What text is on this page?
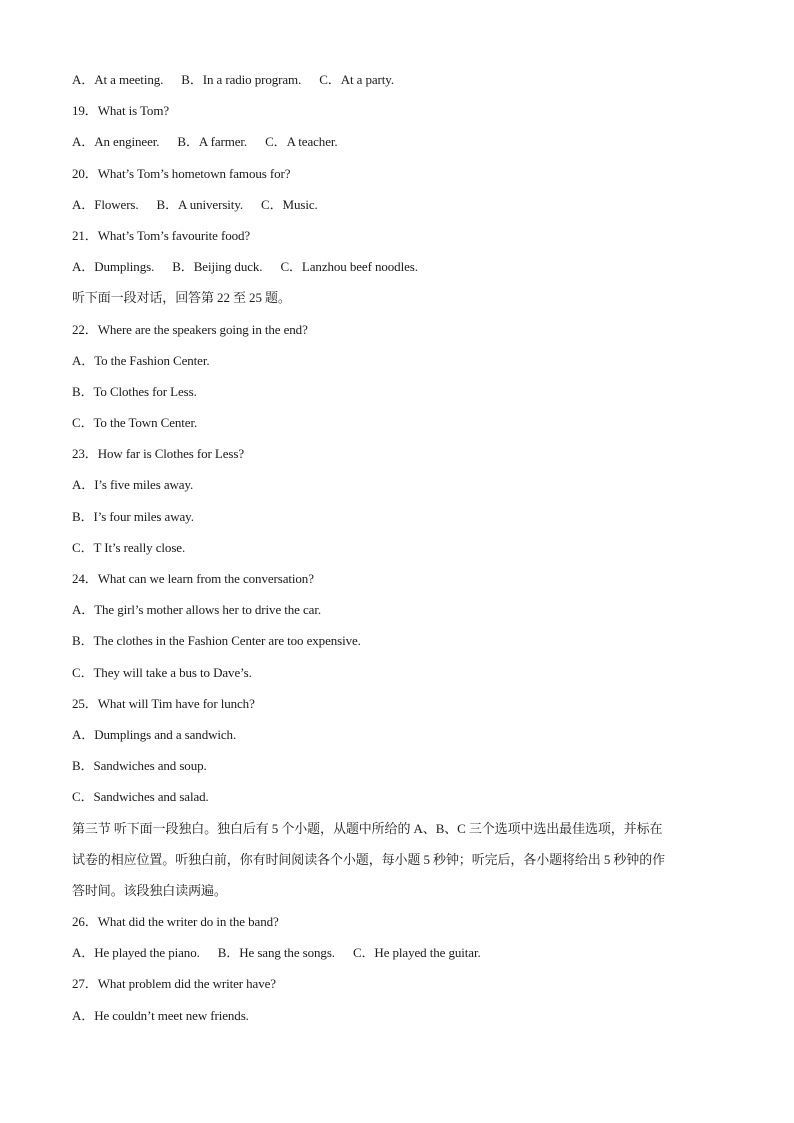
A．At a meeting. B．In a radio program. C．At a party.
19．What is Tom?
A．An engineer. B．A farmer. C．A teacher.
20．What’s Tom’s hometown famous for?
A．Flowers. B．A university. C．Music.
21．What’s Tom’s favourite food?
A．Dumplings. B．Beijing duck. C．Lanzhou beef noodles.
听下面一段对话，回答第 22 至 25 题。
22．Where are the speakers going in the end?
A．To the Fashion Center.
B．To Clothes for Less.
C．To the Town Center.
23．How far is Clothes for Less?
A．I’s five miles away.
B．I’s four miles away.
C．T It’s really close.
24．What can we learn from the conversation?
A．The girl’s mother allows her to drive the car.
B．The clothes in the Fashion Center are too expensive.
C．They will take a bus to Dave’s.
25．What will Tim have for lunch?
A．Dumplings and a sandwich.
B．Sandwiches and soup.
C．Sandwiches and salad.
第三节 听下面一段独白。独白后有 5 个小题，从题中所给的 A、B、C 三个选项中选出最佳选项，并标在
试卷的相应位置。听独白前，你有时间阅读各个小题，每小题 5 秒钟；听完后，各小题将给出 5 秒钟的作
答时间。该段独白读两遍。
26．What did the writer do in the band?
A．He played the piano. B．He sang the songs. C．He played the guitar.
27．What problem did the writer have?
A．He couldn’t meet new friends.
